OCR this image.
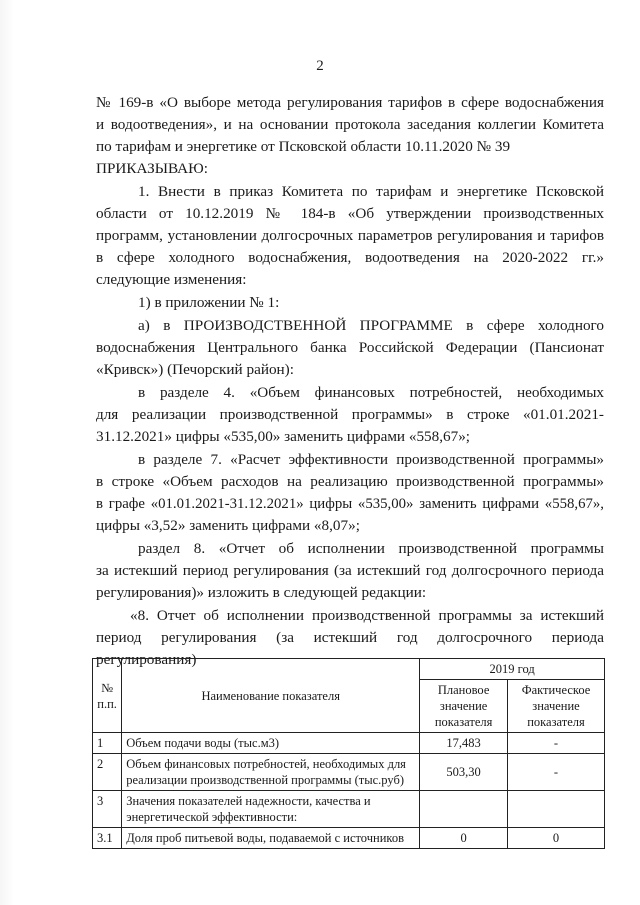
2
№ 169-в «О выборе метода регулирования тарифов в сфере водоснабжения
и водоотведения», и на основании протокола заседания коллегии Комитета
по тарифам и энергетике от Псковской области 10.11.2020 № 39
ПРИКАЗЫВАЮ:
1. Внести в приказ Комитета по тарифам и энергетике Псковской
области от 10.12.2019 № 184-в «Об утверждении производственных
программ, установлении долгосрочных параметров регулирования и тарифов
в сфере холодного водоснабжения, водоотведения на 2020-2022 гг.»
следующие изменения:
1) в приложении № 1:
а) в ПРОИЗВОДСТВЕННОЙ ПРОГРАММЕ в сфере холодного
водоснабжения Центрального банка Российской Федерации (Пансионат
«Кривск») (Печорский район):
в разделе 4. «Объем финансовых потребностей, необходимых
для реализации производственной программы» в строке «01.01.2021-
31.12.2021» цифры «535,00» заменить цифрами «558,67»;
в разделе 7. «Расчет эффективности производственной программы»
в строке «Объем расходов на реализацию производственной программы»
в графе «01.01.2021-31.12.2021» цифры «535,00» заменить цифрами «558,67»,
цифры «3,52» заменить цифрами «8,07»;
раздел 8. «Отчет об исполнении производственной программы
за истекший период регулирования (за истекший год долгосрочного периода
регулирования)» изложить в следующей редакции:
«8. Отчет об исполнении производственной программы за истекший
период регулирования (за истекший год долгосрочного периода
регулирования)
№ п.п.	Наименование показателя	2019 год	
		Плановое значение показателя	Фактическое значение показателя
1	Объем подачи воды (тыс.м3)	17,483	-
2	Объем финансовых потребностей, необходимых для реализации производственной программы (тыс.руб)	503,30	-
3	Значения показателей надежности, качества и энергетической эффективности:		
3.1	Доля проб питьевой воды, подаваемой с источников	0	0
